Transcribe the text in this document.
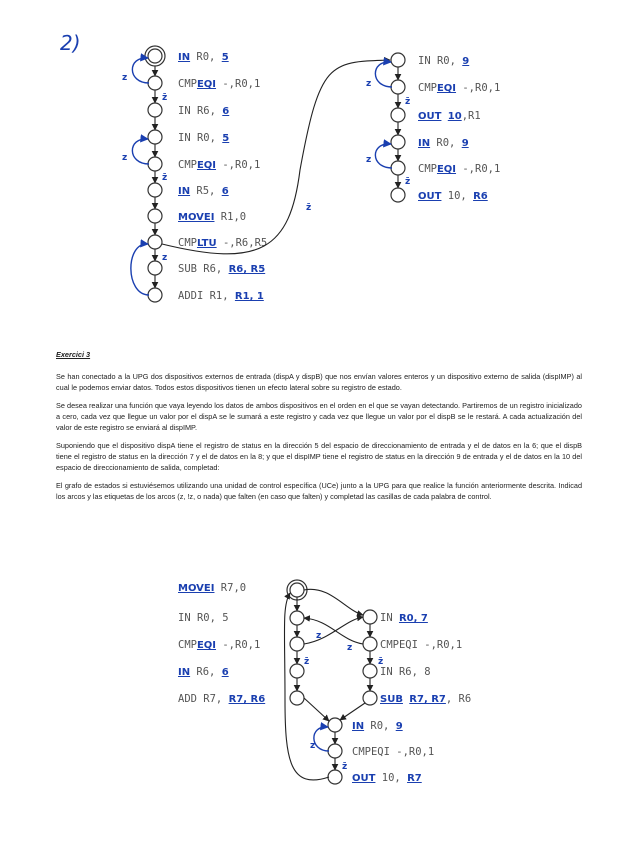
2)
IN R0, 5
CMPEQI -,R0,1
IN R6, 6
IN R0, 5
CMPEQI -,R0,1
IN R5, 6
MOVEI R1,0
CMPLTU -,R6,R5
SUB R6, R6, R5
ADDI R1, R1, 1
z
z̄
z
z̄
z
z̄
IN R0, 9
CMPEQI -,R0,1
OUT 10,R1
IN R0, 9
CMPEQI -,R0,1
OUT 10, R6
z
z̄
z
z̄
MOVEI R7,0
IN R0, 5
CMPEQI -,R0,1
IN R6, 6
ADD R7, R7, R6
IN R0, 7
CMPEQI -,R0,1
IN R6, 8
SUB R7, R7, R6
IN R0, 9
CMPEQI -,R0,1
OUT 10, R7
z
z
z̄	z̄
z
z̄
Exercici 3

Se han conectado a la UPG dos dispositivos externos de entrada (dispA y dispB) que nos envían valores enteros y un dispositivo externo de salida (dispIMP) al cual le podemos enviar datos. Todos estos dispositivos tienen un efecto lateral sobre su registro de estado.

Se desea realizar una función que vaya leyendo los datos de ambos dispositivos en el orden en el que se vayan detectando. Partiremos de un registro inicializado a cero, cada vez que llegue un valor por el dispA se le sumará a este registro y cada vez que llegue un valor por el dispB se le restará. A cada actualización del valor de este registro se enviará al dispIMP.

Suponiendo que el dispositivo dispA tiene el registro de status en la dirección 5 del espacio de direccionamiento de entrada y el de datos en la 6; que el dispB tiene el registro de status en la dirección 7 y el de datos en la 8; y que el dispIMP tiene el registro de status en la dirección 9 de entrada y el de datos en la 10 del espacio de direccionamiento de salida, completad:

El grafo de estados si estuviésemos utilizando una unidad de control específica (UCe) junto a la UPG para que realice la función anteriormente descrita. Indicad los arcos y las etiquetas de los arcos (z, !z, o nada) que falten (en caso que falten) y completad las casillas de cada palabra de control.
